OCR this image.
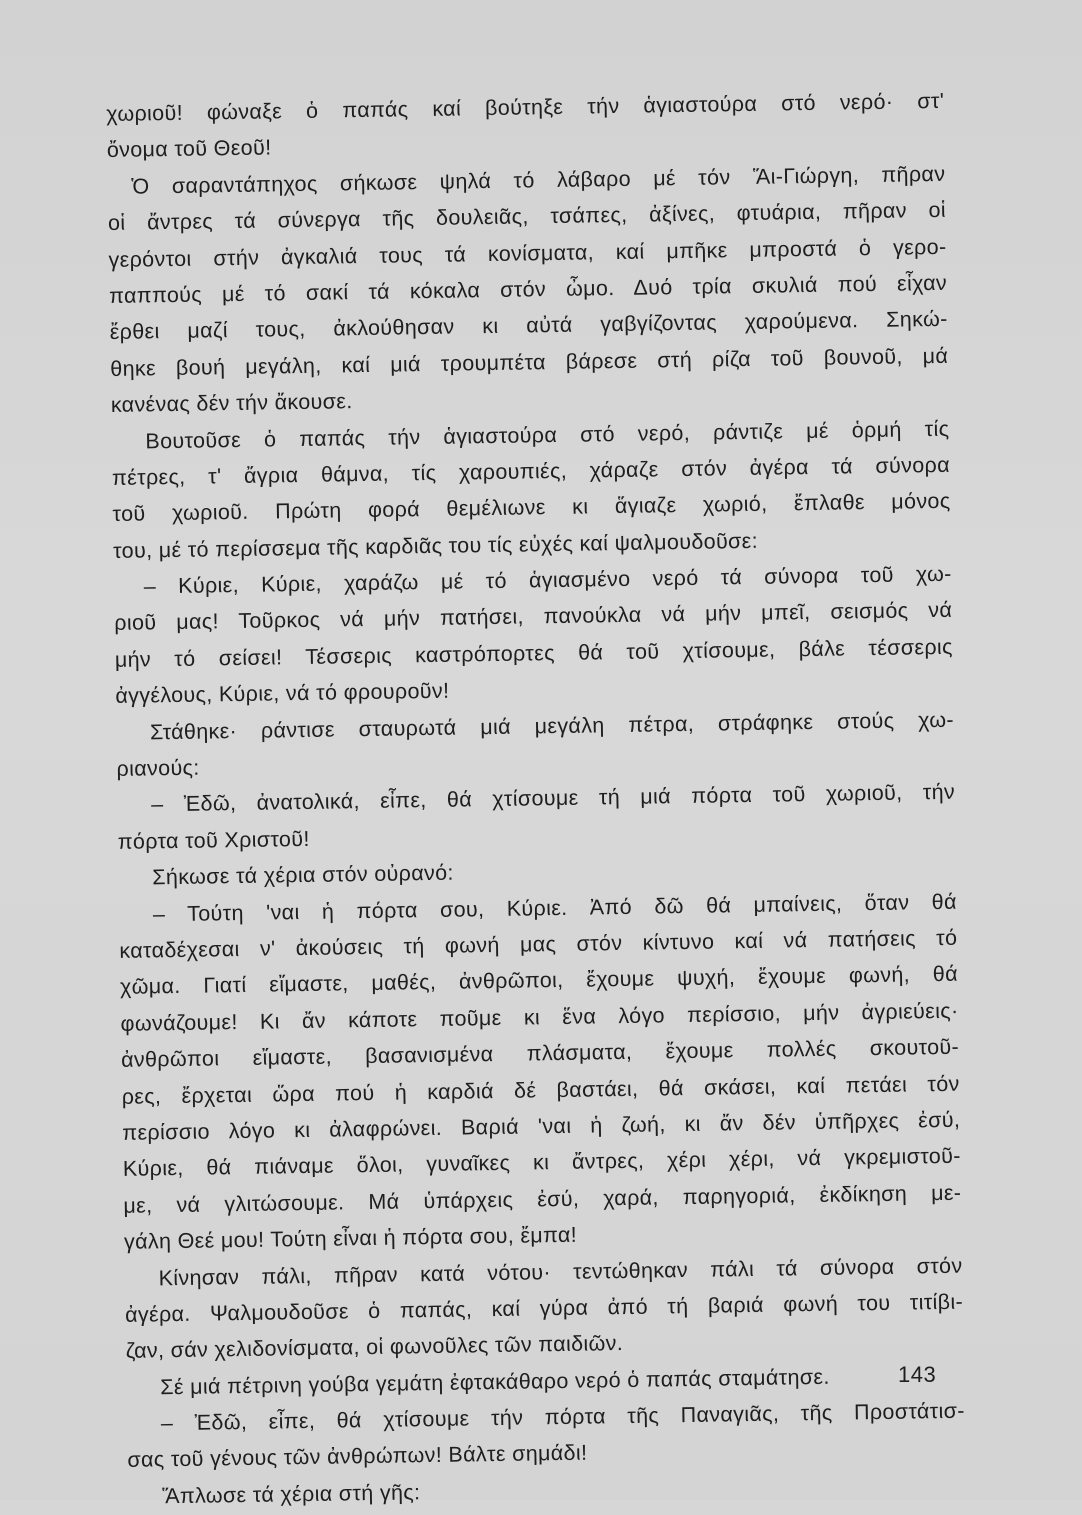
χωριοῦ! φώναξε ὁ παπάς καί βούτηξε τήν ἁγιαστούρα στό νερό· στ'
ὄνομα τοῦ Θεοῦ!
Ὁ σαραντάπηχος σήκωσε ψηλά τό λάβαρο μέ τόν Ἅι-Γιώργη, πῆραν
οἱ ἄντρες τά σύνεργα τῆς δουλειᾶς, τσάπες, ἀξίνες, φτυάρια, πῆραν οἱ
γερόντοι στήν ἀγκαλιά τους τά κονίσματα, καί μπῆκε μπροστά ὁ γερο-
παππούς μέ τό σακί τά κόκαλα στόν ὦμο. Δυό τρία σκυλιά πού εἶχαν
ἔρθει μαζί τους, ἀκλούθησαν κι αὐτά γαβγίζοντας χαρούμενα. Σηκώ-
θηκε βουή μεγάλη, καί μιά τρουμπέτα βάρεσε στή ρίζα τοῦ βουνοῦ, μά
κανένας δέν τήν ἄκουσε.
Βουτοῦσε ὁ παπάς τήν ἁγιαστούρα στό νερό, ράντιζε μέ ὁρμή τίς
πέτρες, τ' ἄγρια θάμνα, τίς χαρουπιές, χάραζε στόν ἀγέρα τά σύνορα
τοῦ χωριοῦ. Πρώτη φορά θεμέλιωνε κι ἅγιαζε χωριό, ἔπλαθε μόνος
του, μέ τό περίσσεμα τῆς καρδιᾶς του τίς εὐχές καί ψαλμουδοῦσε:
– Κύριε, Κύριε, χαράζω μέ τό ἁγιασμένο νερό τά σύνορα τοῦ χω-
ριοῦ μας! Τοῦρκος νά μήν πατήσει, πανούκλα νά μήν μπεῖ, σεισμός νά
μήν τό σείσει! Τέσσερις καστρόπορτες θά τοῦ χτίσουμε, βάλε τέσσερις
ἀγγέλους, Κύριε, νά τό φρουροῦν!
Στάθηκε· ράντισε σταυρωτά μιά μεγάλη πέτρα, στράφηκε στούς χω-
ριανούς:
– Ἐδῶ, ἀνατολικά, εἶπε, θά χτίσουμε τή μιά πόρτα τοῦ χωριοῦ, τήν
πόρτα τοῦ Χριστοῦ!
Σήκωσε τά χέρια στόν οὐρανό:
– Τούτη 'ναι ἡ πόρτα σου, Κύριε. Ἀπό δῶ θά μπαίνεις, ὅταν θά
καταδέχεσαι ν' ἀκούσεις τή φωνή μας στόν κίντυνο καί νά πατήσεις τό
χῶμα. Γιατί εἴμαστε, μαθές, ἀνθρῶποι, ἔχουμε ψυχή, ἔχουμε φωνή, θά
φωνάζουμε! Κι ἄν κάποτε ποῦμε κι ἕνα λόγο περίσσιο, μήν ἀγριεύεις·
ἀνθρῶποι εἴμαστε, βασανισμένα πλάσματα, ἔχουμε πολλές σκουτοῦ-
ρες, ἔρχεται ὥρα πού ἡ καρδιά δέ βαστάει, θά σκάσει, καί πετάει τόν
περίσσιο λόγο κι ἀλαφρώνει. Βαριά 'ναι ἡ ζωή, κι ἄν δέν ὑπῆρχες ἐσύ,
Κύριε, θά πιάναμε ὅλοι, γυναῖκες κι ἄντρες, χέρι χέρι, νά γκρεμιστοῦ-
με, νά γλιτώσουμε. Μά ὑπάρχεις ἐσύ, χαρά, παρηγοριά, ἐκδίκηση με-
γάλη Θεέ μου! Τούτη εἶναι ἡ πόρτα σου, ἔμπα!
Κίνησαν πάλι, πῆραν κατά νότου· τεντώθηκαν πάλι τά σύνορα στόν
ἀγέρα. Ψαλμουδοῦσε ὁ παπάς, καί γύρα ἀπό τή βαριά φωνή του τιτίβι-
ζαν, σάν χελιδονίσματα, οἱ φωνοῦλες τῶν παιδιῶν.
Σέ μιά πέτρινη γούβα γεμάτη ἐφτακάθαρο νερό ὁ παπάς σταμάτησε.
– Ἐδῶ, εἶπε, θά χτίσουμε τήν πόρτα τῆς Παναγιᾶς, τῆς Προστάτισ-
σας τοῦ γένους τῶν ἀνθρώπων! Βάλτε σημάδι!
Ἅπλωσε τά χέρια στή γῆς:
143
